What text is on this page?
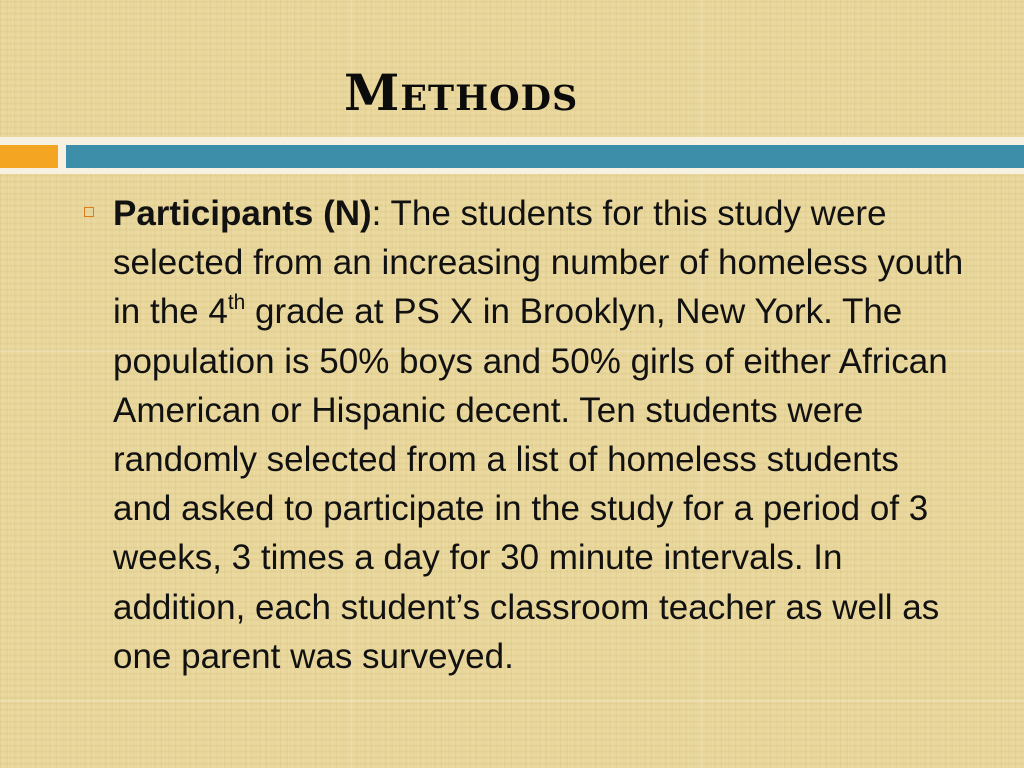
Methods

Participants (N): The students for this study were selected from an increasing number of homeless youth in the 4th grade at PS X in Brooklyn, New York. The population is 50% boys and 50% girls of either African American or Hispanic decent. Ten students were randomly selected from a list of homeless students and asked to participate in the study for a period of 3 weeks, 3 times a day for 30 minute intervals. In addition, each student’s classroom teacher as well as one parent was surveyed.
